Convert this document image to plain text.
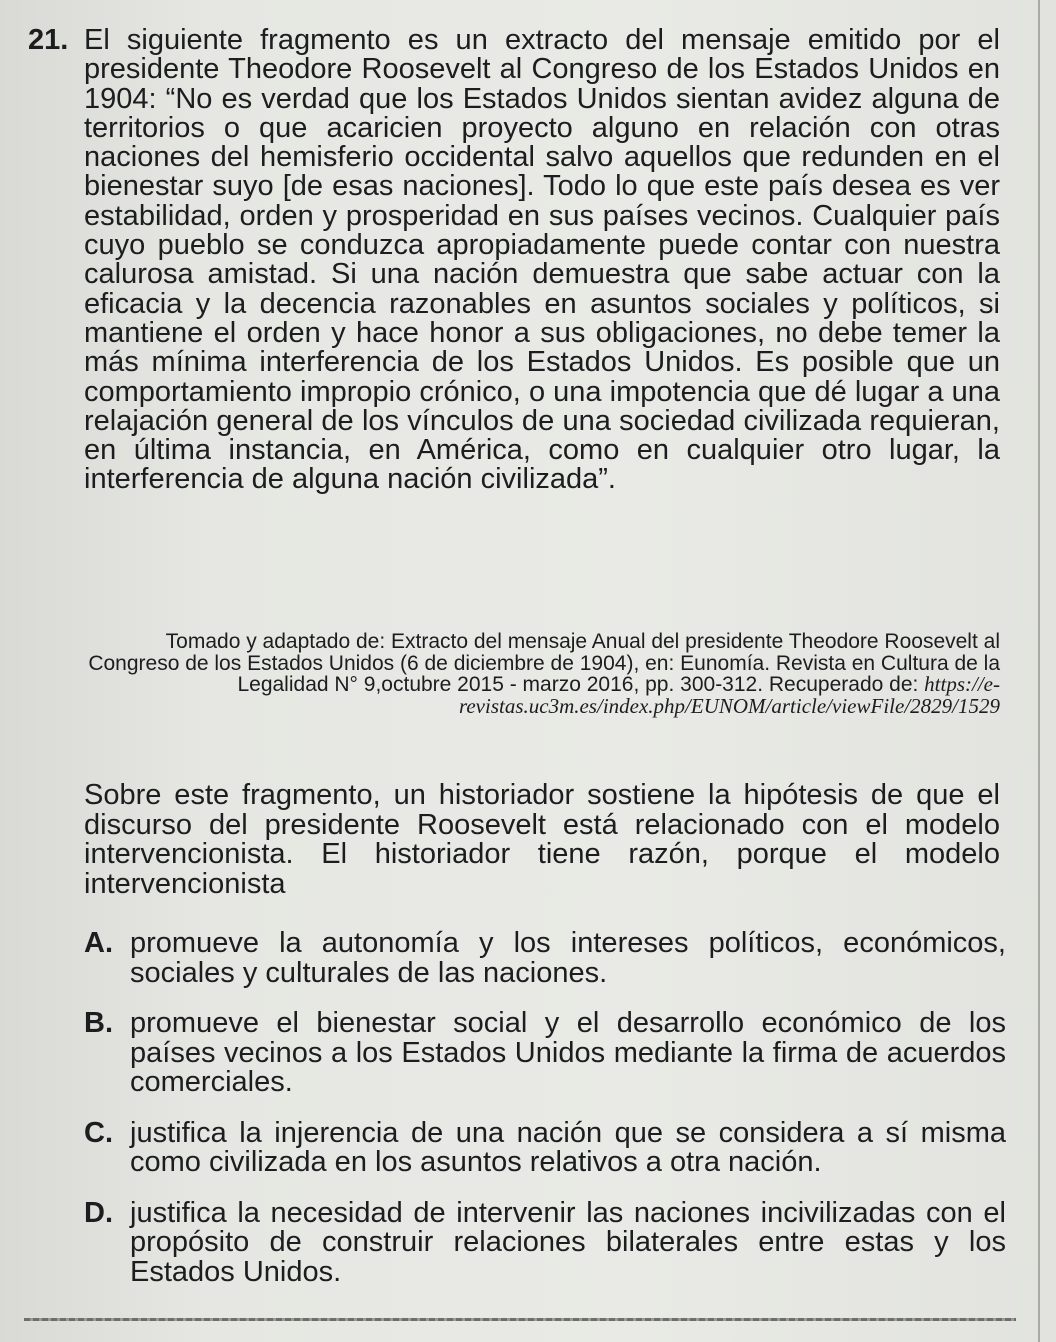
21. El siguiente fragmento es un extracto del mensaje emitido por el presidente Theodore Roosevelt al Congreso de los Estados Unidos en 1904: “No es verdad que los Estados Unidos sientan avidez alguna de territorios o que acaricien proyecto alguno en relación con otras naciones del hemisferio occidental salvo aquellos que redunden en el bienestar suyo [de esas naciones]. Todo lo que este país desea es ver estabilidad, orden y prosperidad en sus países vecinos. Cualquier país cuyo pueblo se conduzca apropiadamente puede contar con nuestra calurosa amistad. Si una nación demuestra que sabe actuar con la eficacia y la decencia razonables en asuntos sociales y políticos, si mantiene el orden y hace honor a sus obligaciones, no debe temer la más mínima interferencia de los Estados Unidos. Es posible que un comportamiento impropio crónico, o una impotencia que dé lugar a una relajación general de los vínculos de una sociedad civilizada requieran, en última instancia, en América, como en cualquier otro lugar, la interferencia de alguna nación civilizada”.
Tomado y adaptado de: Extracto del mensaje Anual del presidente Theodore Roosevelt al Congreso de los Estados Unidos (6 de diciembre de 1904), en: Eunomía. Revista en Cultura de la Legalidad N° 9,octubre 2015 - marzo 2016, pp. 300-312. Recuperado de: https://e-revistas.uc3m.es/index.php/EUNOM/article/viewFile/2829/1529
Sobre este fragmento, un historiador sostiene la hipótesis de que el discurso del presidente Roosevelt está relacionado con el modelo intervencionista. El historiador tiene razón, porque el modelo intervencionista
A. promueve la autonomía y los intereses políticos, económicos, sociales y culturales de las naciones.
B. promueve el bienestar social y el desarrollo económico de los países vecinos a los Estados Unidos mediante la firma de acuerdos comerciales.
C. justifica la injerencia de una nación que se considera a sí misma como civilizada en los asuntos relativos a otra nación.
D. justifica la necesidad de intervenir las naciones incivilizadas con el propósito de construir relaciones bilaterales entre estas y los Estados Unidos.
